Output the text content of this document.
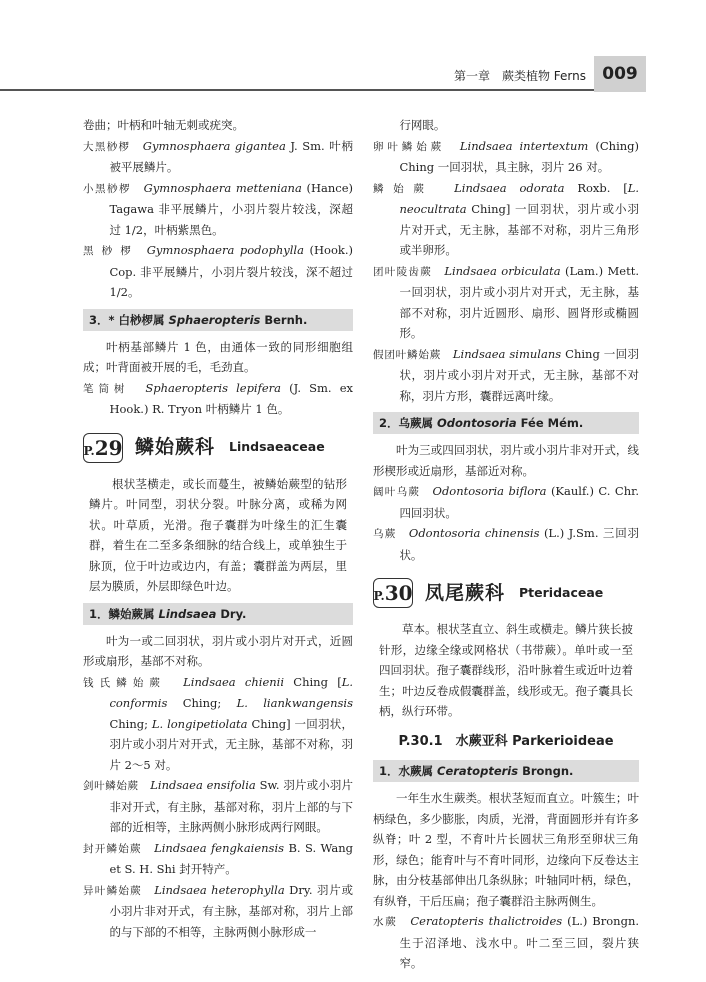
第一章　蕨类植物 Ferns 009

卷曲；叶柄和叶轴无刺或疣突。

大黑桫椤　 Gymnosphaera gigantea J. Sm. 叶柄被平展鳞片。

小黑桫椤　 Gymnosphaera metteniana (Hance) Tagawa 非平展鳞片，小羽片裂片较浅，深超过 1/2，叶柄紫黑色。

黑 桫 椤　 Gymnosphaera podophylla (Hook.) Cop. 非平展鳞片，小羽片裂片较浅，深不超过 1/2。

3．* 白桫椤属 Sphaeropteris Bernh.

叶柄基部鳞片 1 色，由通体一致的同形细胞组成；叶背面被开展的毛，毛劲直。

笔筒树　 Sphaeropteris lepifera (J. Sm. ex Hook.) R. Tryon 叶柄鳞片 1 色。

P. 29 鳞始蕨科 Lindsaeaceae

根状茎横走，或长而蔓生，被鳞始蕨型的钻形鳞片。叶同型，羽状分裂。叶脉分离，或稀为网状。叶草质，光滑。孢子囊群为叶缘生的汇生囊群，着生在二至多条细脉的结合线上，或单独生于脉顶，位于叶边或边内，有盖；囊群盖为两层，里层为膜质，外层即绿色叶边。

1．鳞始蕨属 Lindsaea Dry.

叶为一或二回羽状，羽片或小羽片对开式，近圆形或扇形，基部不对称。

钱氏鳞始蕨　 Lindsaea chienii Ching [L. conformis Ching; L. liankwangensis Ching; L. longipetiolata Ching] 一回羽状，羽片或小羽片对开式，无主脉，基部不对称，羽片 2～5 对。

剑叶鳞始蕨　 Lindsaea ensifolia Sw. 羽片或小羽片非对开式，有主脉，基部对称，羽片上部的与下部的近相等，主脉两侧小脉形成两行网眼。

封开鳞始蕨　 Lindsaea fengkaiensis B. S. Wang et S. H. Shi 封开特产。

异叶鳞始蕨　 Lindsaea heterophylla Dry. 羽片或小羽片非对开式，有主脉，基部对称，羽片上部的与下部的不相等，主脉两侧小脉形成一

行网眼。

卵叶鳞始蕨　 Lindsaea intertextum (Ching) Ching 一回羽状，具主脉，羽片 26 对。

鳞始蕨　 Lindsaea odorata Roxb. [L. neocultrata Ching] 一回羽状，羽片或小羽片对开式，无主脉，基部不对称，羽片三角形或半卵形。

团叶陵齿蕨　 Lindsaea orbiculata (Lam.) Mett. 一回羽状，羽片或小羽片对开式，无主脉，基部不对称，羽片近圆形、扇形、圆肾形或椭圆形。

假团叶鳞始蕨　 Lindsaea simulans Ching 一回羽状，羽片或小羽片对开式，无主脉，基部不对称，羽片方形，囊群远离叶缘。

2．乌蕨属 Odontosoria Fée Mém.

叶为三或四回羽状，羽片或小羽片非对开式，线形楔形或近扇形，基部近对称。

阔叶乌蕨　 Odontosoria biflora (Kaulf.) C. Chr. 四回羽状。

乌蕨　 Odontosoria chinensis (L.) J.Sm. 三回羽状。

P. 30 凤尾蕨科 Pteridaceae

草本。根状茎直立、斜生或横走。鳞片狭长披针形，边缘全缘或网格状（书带蕨）。单叶或一至四回羽状。孢子囊群线形，沿叶脉着生或近叶边着生；叶边反卷成假囊群盖，线形或无。孢子囊具长柄，纵行环带。

P.30.1　水蕨亚科 Parkerioideae
1．水蕨属 Ceratopteris Brongn.

一年生水生蕨类。根状茎短而直立。叶簇生；叶柄绿色，多少膨胀，肉质，光滑，背面圆形并有许多纵脊；叶 2 型，不育叶片长圆状三角形至卵状三角形，绿色；能育叶与不育叶同形，边缘向下反卷达主脉，由分枝基部伸出几条纵脉；叶轴同叶柄，绿色，有纵脊，干后压扁；孢子囊群沿主脉两侧生。

水蕨　 Ceratopteris thalictroides (L.) Brongn. 生于沼泽地、浅水中。叶二至三回，裂片狭窄。
